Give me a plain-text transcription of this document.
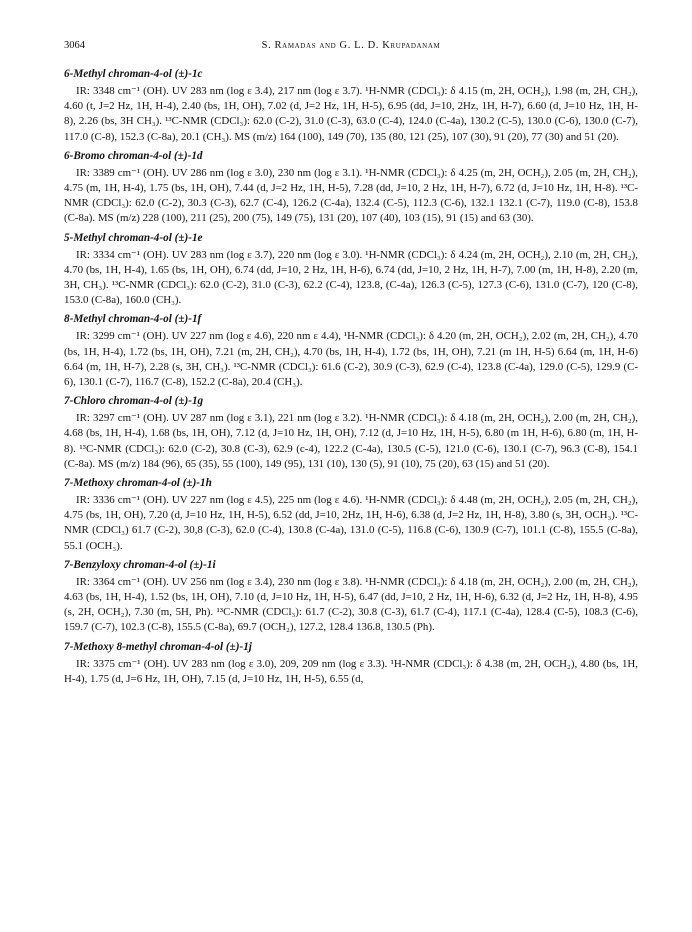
3064	S. Ramadas and G. L. D. Krupadanam
6-Methyl chroman-4-ol (±)-1c

IR: 3348 cm⁻¹ (OH). UV 283 nm (log ε 3.4), 217 nm (log ε 3.7). ¹H-NMR (CDCl₃): δ 4.15 (m, 2H, OCH₂), 1.98 (m, 2H, CH₂), 4.60 (t, J=2 Hz, 1H, H-4), 2.40 (bs, 1H, OH), 7.02 (d, J=2 Hz, 1H, H-5), 6.95 (dd, J=10, 2Hz, 1H, H-7), 6.60 (d, J=10 Hz, 1H, H-8), 2.26 (bs, 3H CH₃). ¹³C-NMR (CDCl₃): 62.0 (C-2), 31.0 (C-3), 63.0 (C-4), 124.0 (C-4a), 130.2 (C-5), 130.0 (C-6), 130.0 (C-7), 117.0 (C-8), 152.3 (C-8a), 20.1 (CH₃). MS (m/z) 164 (100), 149 (70), 135 (80, 121 (25), 107 (30), 91 (20), 77 (30) and 51 (20).

6-Bromo chroman-4-ol (±)-1d

IR: 3389 cm⁻¹ (OH). UV 286 nm (log ε 3.0), 230 nm (log ε 3.1). ¹H-NMR (CDCl₃): δ 4.25 (m, 2H, OCH₂), 2.05 (m, 2H, CH₂), 4.75 (m, 1H, H-4), 1.75 (bs, 1H, OH), 7.44 (d, J=2 Hz, 1H, H-5), 7.28 (dd, J=10, 2 Hz, 1H, H-7), 6.72 (d, J=10 Hz, 1H, H-8). ¹³C-NMR (CDCl₃): 62.0 (C-2), 30.3 (C-3), 62.7 (C-4), 126.2 (C-4a), 132.4 (C-5), 112.3 (C-6), 132.1 132.1 (C-7), 119.0 (C-8), 153.8 (C-8a). MS (m/z) 228 (100), 211 (25), 200 (75), 149 (75), 131 (20), 107 (40), 103 (15), 91 (15) and 63 (30).

5-Methyl chroman-4-ol (±)-1e

IR: 3334 cm⁻¹ (OH). UV 283 nm (log ε 3.7), 220 nm (log ε 3.0). ¹H-NMR (CDCl₃): δ 4.24 (m, 2H, OCH₂), 2.10 (m, 2H, CH₂), 4.70 (bs, 1H, H-4), 1.65 (bs, 1H, OH), 6.74 (dd, J=10, 2 Hz, 1H, H-6), 6.74 (dd, J=10, 2 Hz, 1H, H-7), 7.00 (m, 1H, H-8), 2.20 (m, 3H, CH₃). ¹³C-NMR (CDCl₃): 62.0 (C-2), 31.0 (C-3), 62.2 (C-4), 123.8, (C-4a), 126.3 (C-5), 127.3 (C-6), 131.0 (C-7), 120 (C-8), 153.0 (C-8a), 160.0 (CH₃).

8-Methyl chroman-4-ol (±)-1f

IR: 3299 cm⁻¹ (OH). UV 227 nm (log ε 4.6), 220 nm ε 4.4), ¹H-NMR (CDCl₃): δ 4.20 (m, 2H, OCH₂), 2.02 (m, 2H, CH₂), 4.70 (bs, 1H, H-4), 1.72 (bs, 1H, OH), 7.21 (m, 2H, CH₂), 4.70 (bs, 1H, H-4), 1.72 (bs, 1H, OH), 7.21 (m 1H, H-5) 6.64 (m, 1H, H-6) 6.64 (m, 1H, H-7), 2.28 (s, 3H, CH₃). ¹³C-NMR (CDCl₃): 61.6 (C-2), 30.9 (C-3), 62.9 (C-4), 123.8 (C-4a), 129.0 (C-5), 129.9 (C-6), 130.1 (C-7), 116.7 (C-8), 152.2 (C-8a), 20.4 (CH₃).

7-Chloro chroman-4-ol (±)-1g

IR: 3297 cm⁻¹ (OH). UV 287 nm (log ε 3.1), 221 nm (log ε 3.2). ¹H-NMR (CDCl₃): δ 4.18 (m, 2H, OCH₂), 2.00 (m, 2H, CH₂), 4.68 (bs, 1H, H-4), 1.68 (bs, 1H, OH), 7.12 (d, J=10 Hz, 1H, OH), 7.12 (d, J=10 Hz, 1H, H-5), 6.80 (m 1H, H-6), 6.80 (m, 1H, H-8). ¹³C-NMR (CDCl₃): 62.0 (C-2), 30.8 (C-3), 62.9 (c-4), 122.2 (C-4a), 130.5 (C-5), 121.0 (C-6), 130.1 (C-7), 96.3 (C-8), 154.1 (C-8a). MS (m/z) 184 (96), 65 (35), 55 (100), 149 (95), 131 (10), 130 (5), 91 (10), 75 (20), 63 (15) and 51 (20).

7-Methoxy chroman-4-ol (±)-1h

IR: 3336 cm⁻¹ (OH). UV 227 nm (log ε 4.5), 225 nm (log ε 4.6). ¹H-NMR (CDCl₃): δ 4.48 (m, 2H, OCH₂), 2.05 (m, 2H, CH₂), 4.75 (bs, 1H, OH), 7.20 (d, J=10 Hz, 1H, H-5), 6.52 (dd, J=10, 2Hz, 1H, H-6), 6.38 (d, J=2 Hz, 1H, H-8), 3.80 (s, 3H, OCH₃). ¹³C-NMR (CDCl₃) 61.7 (C-2), 30,8 (C-3), 62.0 (C-4), 130.8 (C-4a), 131.0 (C-5), 116.8 (C-6), 130.9 (C-7), 101.1 (C-8), 155.5 (C-8a), 55.1 (OCH₃).

7-Benzyloxy chroman-4-ol (±)-1i

IR: 3364 cm⁻¹ (OH). UV 256 nm (log ε 3.4), 230 nm (log ε 3.8). ¹H-NMR (CDCl₃): δ 4.18 (m, 2H, OCH₂), 2.00 (m, 2H, CH₂), 4.63 (bs, 1H, H-4), 1.52 (bs, 1H, OH), 7.10 (d, J=10 Hz, 1H, H-5), 6.47 (dd, J=10, 2 Hz, 1H, H-6), 6.32 (d, J=2 Hz, 1H, H-8), 4.95 (s, 2H, OCH₂), 7.30 (m, 5H, Ph). ¹³C-NMR (CDCl₃): 61.7 (C-2), 30.8 (C-3), 61.7 (C-4), 117.1 (C-4a), 128.4 (C-5), 108.3 (C-6), 159.7 (C-7), 102.3 (C-8), 155.5 (C-8a), 69.7 (OCH₂), 127.2, 128.4 136.8, 130.5 (Ph).

7-Methoxy 8-methyl chroman-4-ol (±)-1j

IR: 3375 cm⁻¹ (OH). UV 283 nm (log ε 3.0), 209, 209 nm (log ε 3.3). ¹H-NMR (CDCl₃): δ 4.38 (m, 2H, OCH₂), 4.80 (bs, 1H, H-4), 1.75 (d, J=6 Hz, 1H, OH), 7.15 (d, J=10 Hz, 1H, H-5), 6.55 (d,
